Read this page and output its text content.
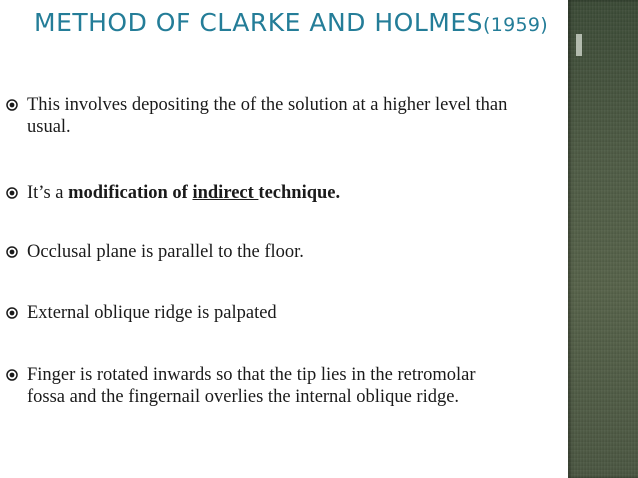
METHOD OF CLARKE AND HOLMES(1959)
This involves depositing the of the solution at a higher level than usual.
It’s a modification of indirect technique.
Occlusal plane is parallel to the floor.
External oblique ridge is palpated
Finger is rotated inwards so that the tip lies in the retromolar fossa and the fingernail overlies the internal oblique ridge.
